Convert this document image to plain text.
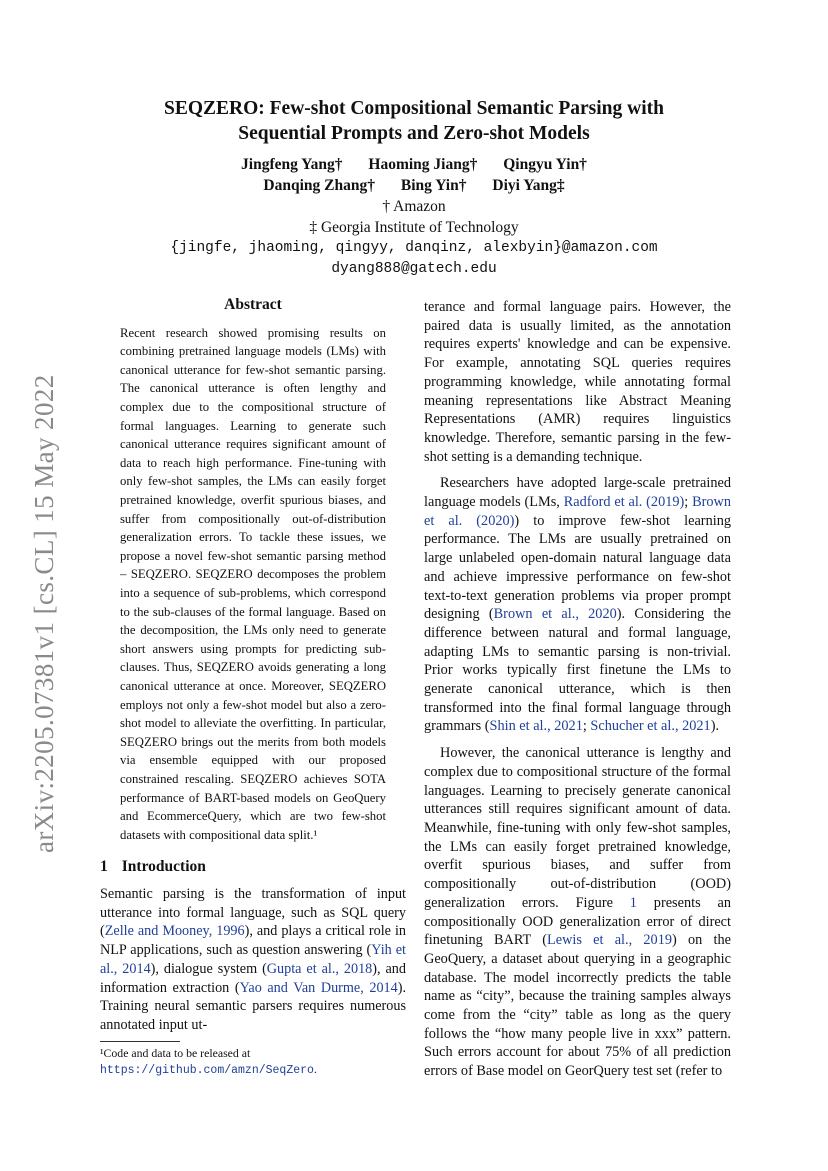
arXiv:2205.07381v1 [cs.CL] 15 May 2022
SEQZERO: Few-shot Compositional Semantic Parsing with
Sequential Prompts and Zero-shot Models
Jingfeng Yang† Haoming Jiang† Qingyu Yin†
Danqing Zhang† Bing Yin† Diyi Yang‡
† Amazon
‡ Georgia Institute of Technology
{jingfe, jhaoming, qingyy, danqinz, alexbyin}@amazon.com
dyang888@gatech.edu
Abstract
Recent research showed promising results on combining pretrained language models (LMs) with canonical utterance for few-shot semantic parsing. The canonical utterance is often lengthy and complex due to the compositional structure of formal languages. Learning to generate such canonical utterance requires significant amount of data to reach high performance. Fine-tuning with only few-shot samples, the LMs can easily forget pretrained knowledge, overfit spurious biases, and suffer from compositionally out-of-distribution generalization errors. To tackle these issues, we propose a novel few-shot semantic parsing method – SEQZERO. SEQZERO decomposes the problem into a sequence of sub-problems, which correspond to the sub-clauses of the formal language. Based on the decomposition, the LMs only need to generate short answers using prompts for predicting sub-clauses. Thus, SEQZERO avoids generating a long canonical utterance at once. Moreover, SEQZERO employs not only a few-shot model but also a zero-shot model to alleviate the overfitting. In particular, SEQZERO brings out the merits from both models via ensemble equipped with our proposed constrained rescaling. SEQZERO achieves SOTA performance of BART-based models on GeoQuery and EcommerceQuery, which are two few-shot datasets with compositional data split.¹
1 Introduction

Semantic parsing is the transformation of input utterance into formal language, such as SQL query (Zelle and Mooney, 1996), and plays a critical role in NLP applications, such as question answering (Yih et al., 2014), dialogue system (Gupta et al., 2018), and information extraction (Yao and Van Durme, 2014). Training neural semantic parsers requires numerous annotated input ut-

¹Code and data to be released at https://github.com/amzn/SeqZero.

terance and formal language pairs. However, the paired data is usually limited, as the annotation requires experts' knowledge and can be expensive. For example, annotating SQL queries requires programming knowledge, while annotating formal meaning representations like Abstract Meaning Representations (AMR) requires linguistics knowledge. Therefore, semantic parsing in the few-shot setting is a demanding technique.

Researchers have adopted large-scale pretrained language models (LMs, Radford et al. (2019); Brown et al. (2020)) to improve few-shot learning performance. The LMs are usually pretrained on large unlabeled open-domain natural language data and achieve impressive performance on few-shot text-to-text generation problems via proper prompt designing (Brown et al., 2020). Considering the difference between natural and formal language, adapting LMs to semantic parsing is non-trivial. Prior works typically first finetune the LMs to generate canonical utterance, which is then transformed into the final formal language through grammars (Shin et al., 2021; Schucher et al., 2021).

However, the canonical utterance is lengthy and complex due to compositional structure of the formal languages. Learning to precisely generate canonical utterances still requires significant amount of data. Meanwhile, fine-tuning with only few-shot samples, the LMs can easily forget pretrained knowledge, overfit spurious biases, and suffer from compositionally out-of-distribution (OOD) generalization errors. Figure 1 presents an compositionally OOD generalization error of direct finetuning BART (Lewis et al., 2019) on the GeoQuery, a dataset about querying in a geographic database. The model incorrectly predicts the table name as “city”, because the training samples always come from the “city” table as long as the query follows the “how many people live in xxx” pattern. Such errors account for about 75% of all prediction errors of Base model on GeorQuery test set (refer to
